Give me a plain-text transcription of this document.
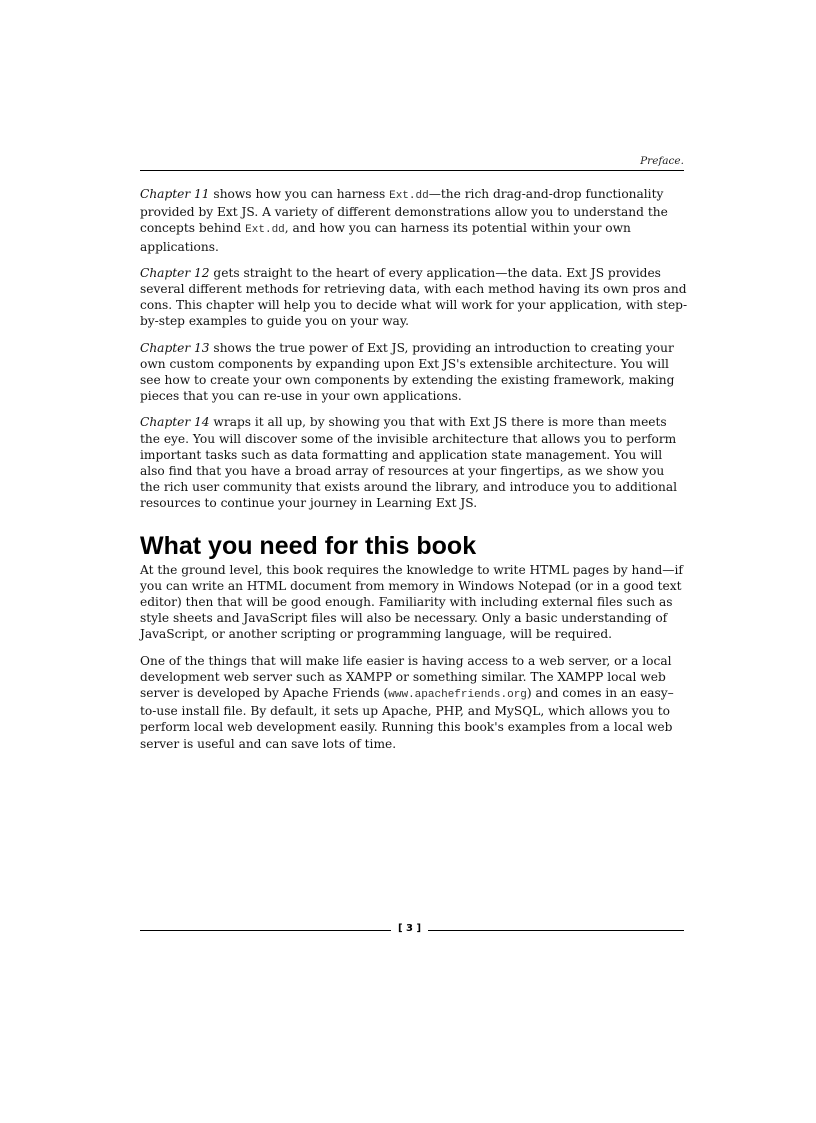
Preface.

Chapter 11 shows how you can harness Ext.dd—the rich drag-and-drop functionality provided by Ext JS. A variety of different demonstrations allow you to understand the concepts behind Ext.dd, and how you can harness its potential within your own applications.

Chapter 12 gets straight to the heart of every application—the data. Ext JS provides several different methods for retrieving data, with each method having its own pros and cons. This chapter will help you to decide what will work for your application, with step-by-step examples to guide you on your way.

Chapter 13 shows the true power of Ext JS, providing an introduction to creating your own custom components by expanding upon Ext JS's extensible architecture. You will see how to create your own components by extending the existing framework, making pieces that you can re-use in your own applications.

Chapter 14 wraps it all up, by showing you that with Ext JS there is more than meets the eye. You will discover some of the invisible architecture that allows you to perform important tasks such as data formatting and application state management. You will also find that you have a broad array of resources at your fingertips, as we show you the rich user community that exists around the library, and introduce you to additional resources to continue your journey in Learning Ext JS.

What you need for this book

At the ground level, this book requires the knowledge to write HTML pages by hand—if you can write an HTML document from memory in Windows Notepad (or in a good text editor) then that will be good enough. Familiarity with including external files such as style sheets and JavaScript files will also be necessary. Only a basic understanding of JavaScript, or another scripting or programming language, will be required.

One of the things that will make life easier is having access to a web server, or a local development web server such as XAMPP or something similar. The XAMPP local web server is developed by Apache Friends (www.apachefriends.org) and comes in an easy–to-use install file. By default, it sets up Apache, PHP, and MySQL, which allows you to perform local web development easily. Running this book's examples from a local web server is useful and can save lots of time.

[ 3 ]
